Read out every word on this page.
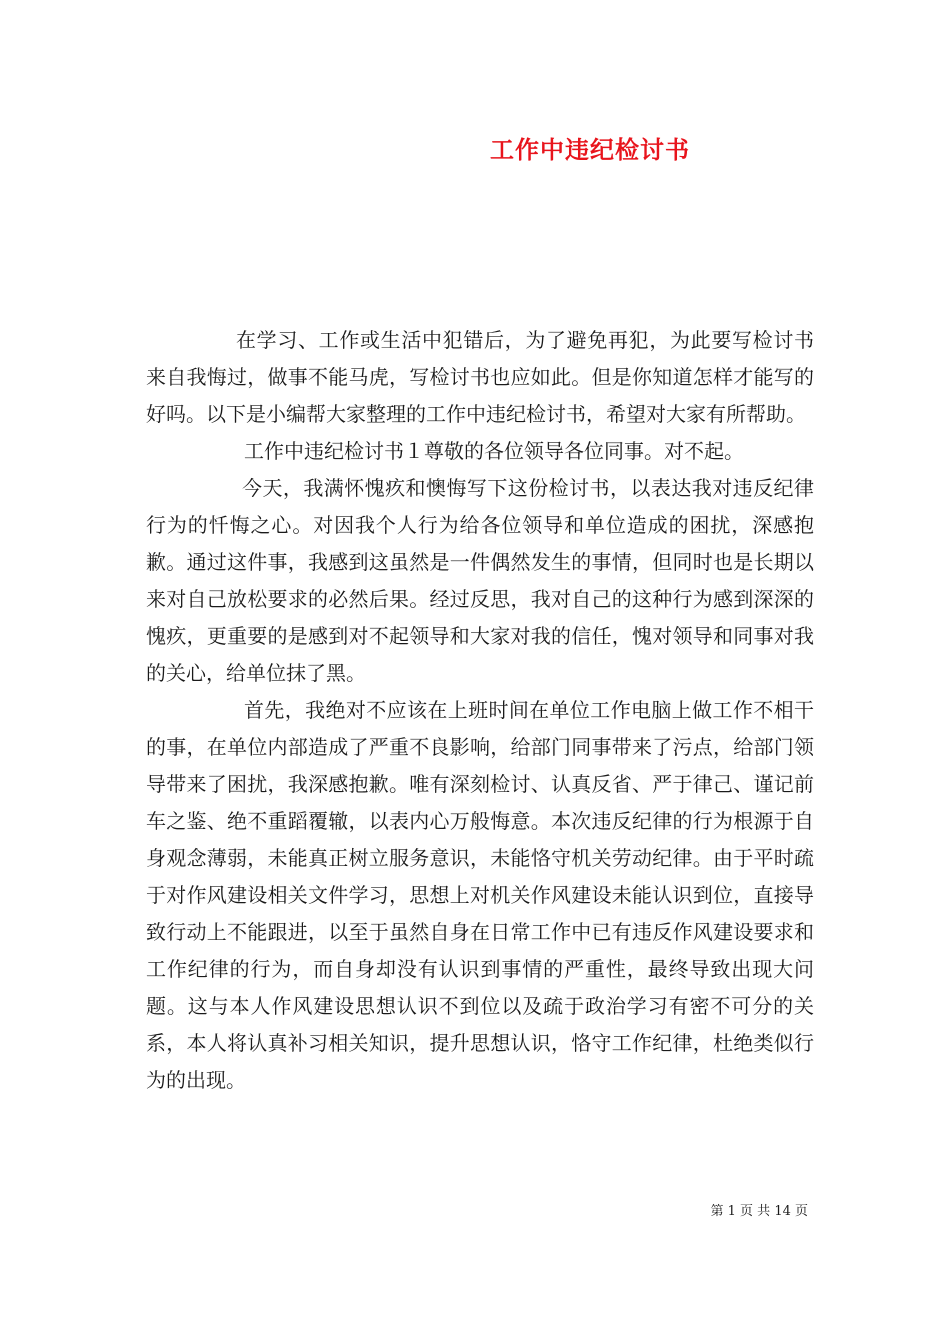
工作中违纪检讨书

在学习、工作或生活中犯错后，为了避免再犯，为此要写检讨书来自我悔过，做事不能马虎，写检讨书也应如此。但是你知道怎样才能写的好吗。以下是小编帮大家整理的工作中违纪检讨书，希望对大家有所帮助。

工作中违纪检讨书１尊敬的各位领导各位同事。对不起。

今天，我满怀愧疚和懊悔写下这份检讨书，以表达我对违反纪律行为的忏悔之心。对因我个人行为给各位领导和单位造成的困扰，深感抱歉。通过这件事，我感到这虽然是一件偶然发生的事情，但同时也是长期以来对自己放松要求的必然后果。经过反思，我对自己的这种行为感到深深的愧疚，更重要的是感到对不起领导和大家对我的信任，愧对领导和同事对我的关心，给单位抹了黑。

首先，我绝对不应该在上班时间在单位工作电脑上做工作不相干的事，在单位内部造成了严重不良影响，给部门同事带来了污点，给部门领导带来了困扰，我深感抱歉。唯有深刻检讨、认真反省、严于律己、谨记前车之鉴、绝不重蹈覆辙，以表内心万般悔意。本次违反纪律的行为根源于自身观念薄弱，未能真正树立服务意识，未能恪守机关劳动纪律。由于平时疏于对作风建设相关文件学习，思想上对机关作风建设未能认识到位，直接导致行动上不能跟进，以至于虽然自身在日常工作中已有违反作风建设要求和工作纪律的行为，而自身却没有认识到事情的严重性，最终导致出现大问题。这与本人作风建设思想认识不到位以及疏于政治学习有密不可分的关系，本人将认真补习相关知识，提升思想认识，恪守工作纪律，杜绝类似行为的出现。

第 1 页 共 14 页
